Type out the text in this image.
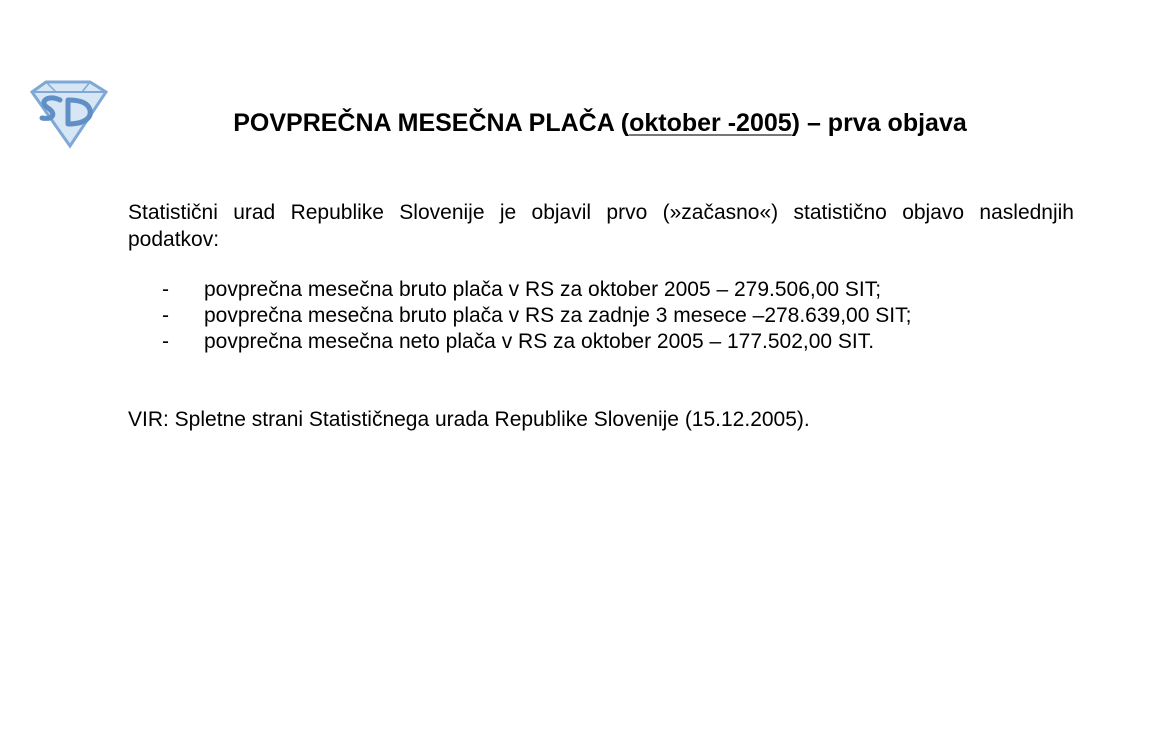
POVPREČNA MESEČNA PLAČA (oktober -2005) – prva objava
Statistični urad Republike Slovenije je objavil prvo (»začasno«) statistično objavo naslednjih podatkov:
- povprečna mesečna bruto plača v RS za oktober 2005 – 279.506,00 SIT;
- povprečna mesečna bruto plača v RS za zadnje 3 mesece –278.639,00 SIT;
- povprečna mesečna neto plača v RS za oktober 2005 – 177.502,00 SIT.
VIR: Spletne strani Statističnega urada Republike Slovenije (15.12.2005).
